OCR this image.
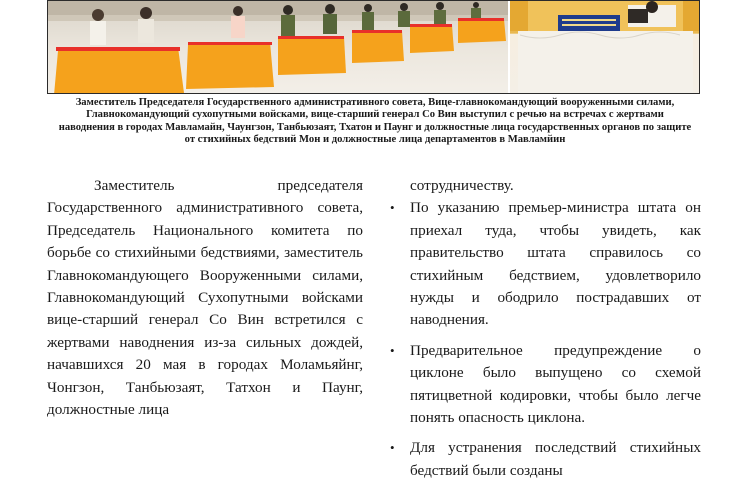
Заместитель Председателя Государственного административного совета, Вице-главнокомандующий вооруженными силами, Главнокомандующий сухопутными войсками, вице-старший генерал Со Вин выступил с речью на встречах с жертвами наводнения в городах Мавламайн, Чаунгзон, Танбьюзаят, Тхатон и Паунг и должностные лица государственных органов по защите от стихийных бедствий Мон и должностные лица департаментов в Мавламйин

Заместитель председателя Государственного административного совета, Председатель Национального комитета по борьбе со стихийными бедствиями, заместитель Главнокомандующего Вооруженными силами, Главнокомандующий Сухопутными войсками вице-старший генерал Со Вин встретился с жертвами наводнения из-за сильных дождей, начавшихся 20 мая в городах Моламьяйнг, Чонгзон, Танбьюзаят, Татхон и Паунг, должностные лица

сотрудничеству.

• По указанию премьер-министра штата он приехал туда, чтобы увидеть, как правительство штата справилось со стихийным бедствием, удовлетворило нужды и ободрило пострадавших от наводнения.
• Предварительное предупреждение о циклоне было выпущено со схемой пятицветной кодировки, чтобы было легче понять опасность циклона.
• Для устранения последствий стихийных бедствий были созданы
